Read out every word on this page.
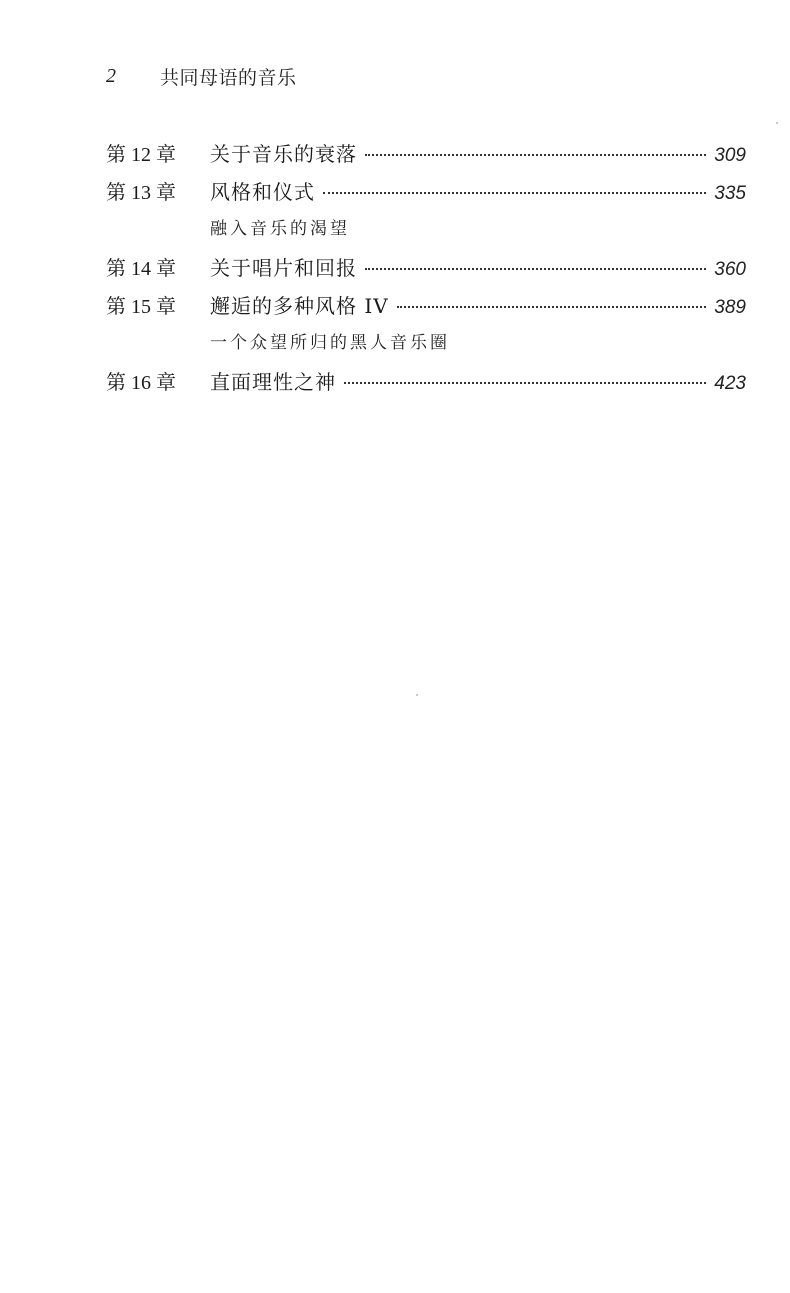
2	共同母语的音乐
第 12 章	关于音乐的衰落	309
第 13 章	风格和仪式	335
融入音乐的渴望
第 14 章	关于唱片和回报	360
第 15 章	邂逅的多种风格 IV	389
一个众望所归的黑人音乐圈
第 16 章	直面理性之神	423
